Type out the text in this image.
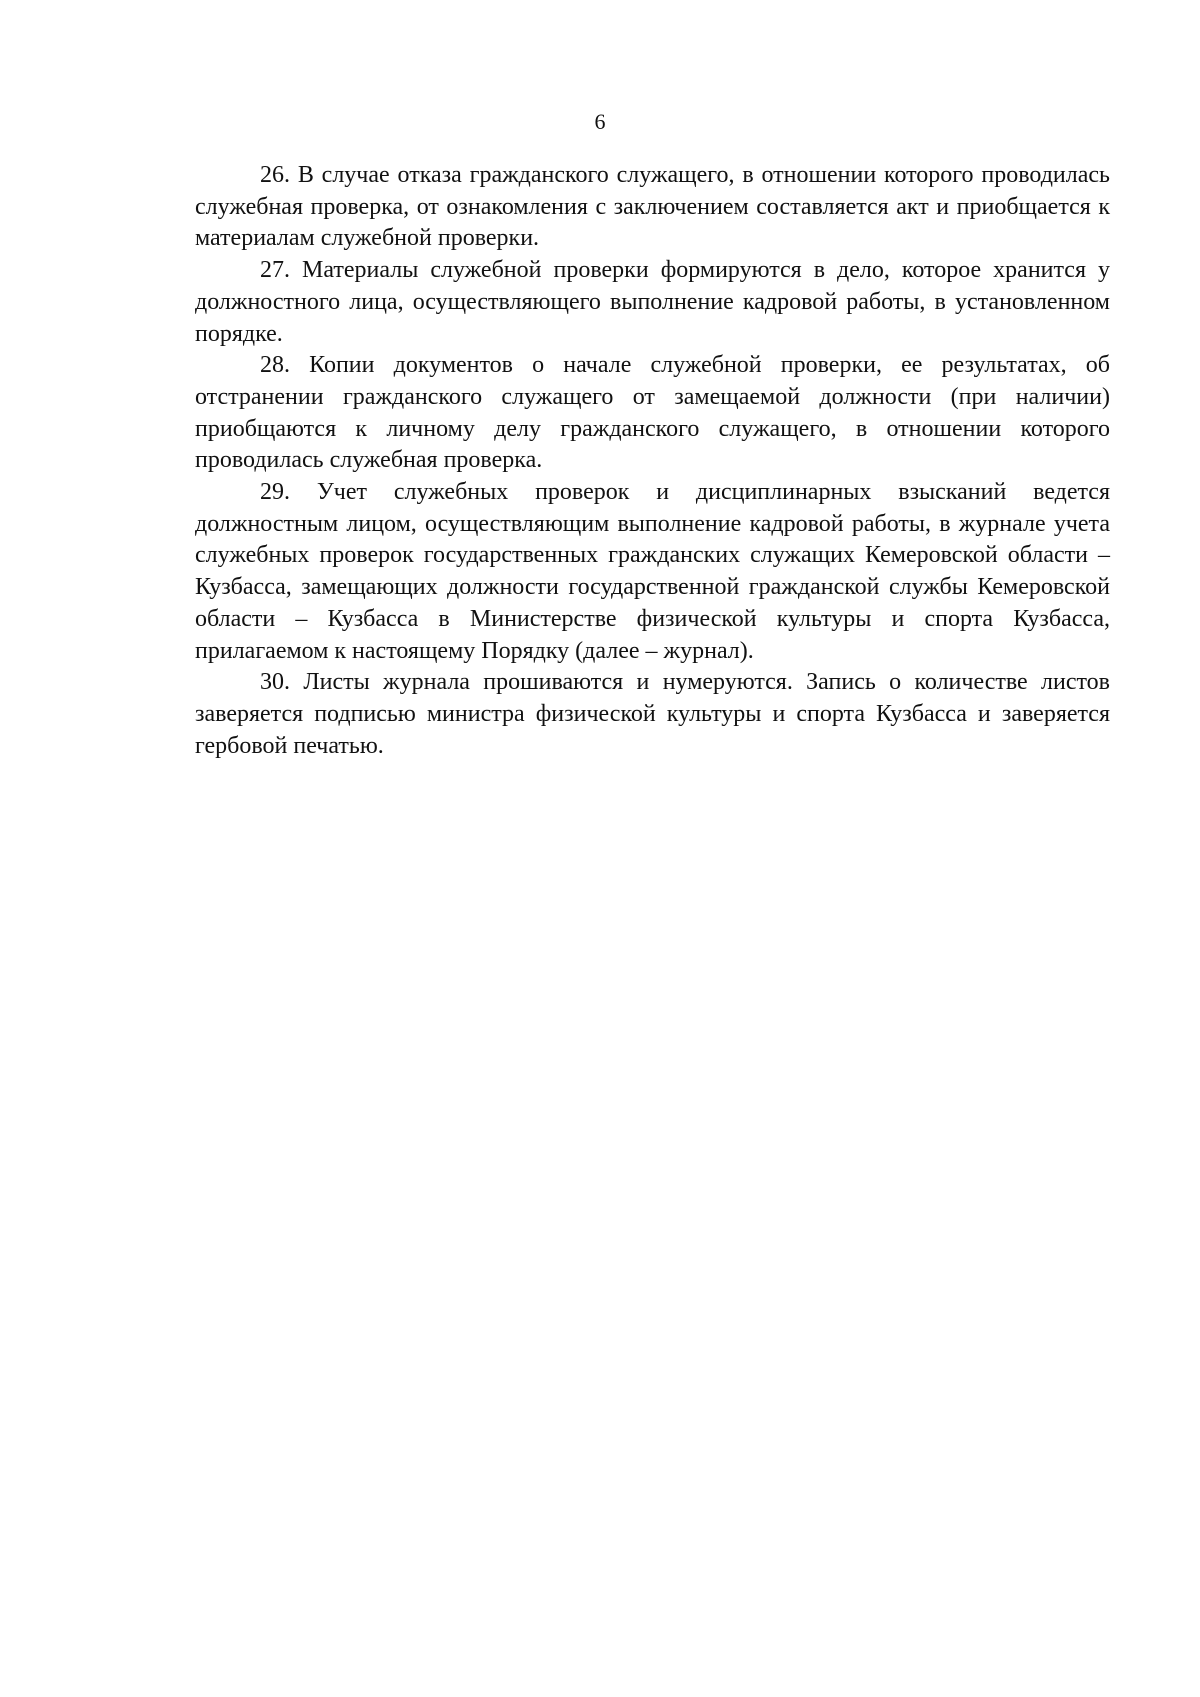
6

26. В случае отказа гражданского служащего, в отношении которого проводилась служебная проверка, от ознакомления с заключением составляется акт и приобщается к материалам служебной проверки.

27. Материалы служебной проверки формируются в дело, которое хранится у должностного лица, осуществляющего выполнение кадровой работы, в установленном порядке.

28. Копии документов о начале служебной проверки, ее результатах, об отстранении гражданского служащего от замещаемой должности (при наличии) приобщаются к личному делу гражданского служащего, в отношении которого проводилась служебная проверка.

29. Учет служебных проверок и дисциплинарных взысканий ведется должностным лицом, осуществляющим выполнение кадровой работы, в журнале учета служебных проверок государственных гражданских служащих Кемеровской области – Кузбасса, замещающих должности государственной гражданской службы Кемеровской области – Кузбасса в Министерстве физической культуры и спорта Кузбасса, прилагаемом к настоящему Порядку (далее – журнал).

30. Листы журнала прошиваются и нумеруются. Запись о количестве листов заверяется подписью министра физической культуры и спорта Кузбасса и заверяется гербовой печатью.
